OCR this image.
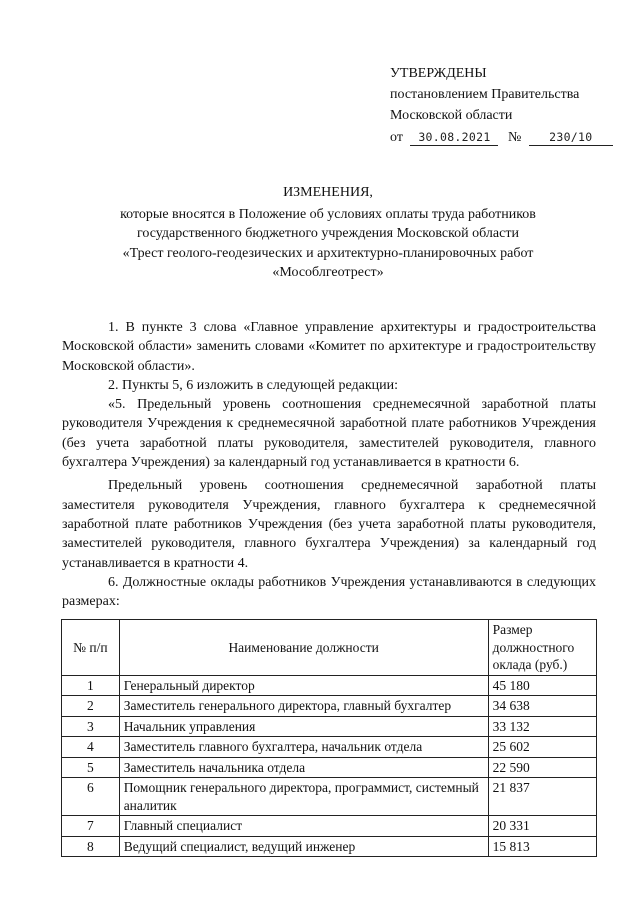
УТВЕРЖДЕНЫ
постановлением Правительства
Московской области
от 30.08.2021 № 230/10
ИЗМЕНЕНИЯ,
которые вносятся в Положение об условиях оплаты труда работников
государственного бюджетного учреждения Московской области
«Трест геолого-геодезических и архитектурно-планировочных работ
«Мособлгеотрест»

1. В пункте 3 слова «Главное управление архитектуры и градостроительства Московской области» заменить словами «Комитет по архитектуре и градостроительству Московской области».

2. Пункты 5, 6 изложить в следующей редакции:

«5. Предельный уровень соотношения среднемесячной заработной платы руководителя Учреждения к среднемесячной заработной плате работников Учреждения (без учета заработной платы руководителя, заместителей руководителя, главного бухгалтера Учреждения) за календарный год устанавливается в кратности 6.

Предельный уровень соотношения среднемесячной заработной платы заместителя руководителя Учреждения, главного бухгалтера к среднемесячной заработной плате работников Учреждения (без учета заработной платы руководителя, заместителей руководителя, главного бухгалтера Учреждения) за календарный год устанавливается в кратности 4.

6. Должностные оклады работников Учреждения устанавливаются в следующих размерах:

№ п/п	Наименование должности	Размер должностного оклада (руб.)
1	Генеральный директор	45 180
2	Заместитель генерального директора, главный бухгалтер	34 638
3	Начальник управления	33 132
4	Заместитель главного бухгалтера, начальник отдела	25 602
5	Заместитель начальника отдела	22 590
6	Помощник генерального директора, программист, системный аналитик	21 837
7	Главный специалист	20 331
8	Ведущий специалист, ведущий инженер	15 813
